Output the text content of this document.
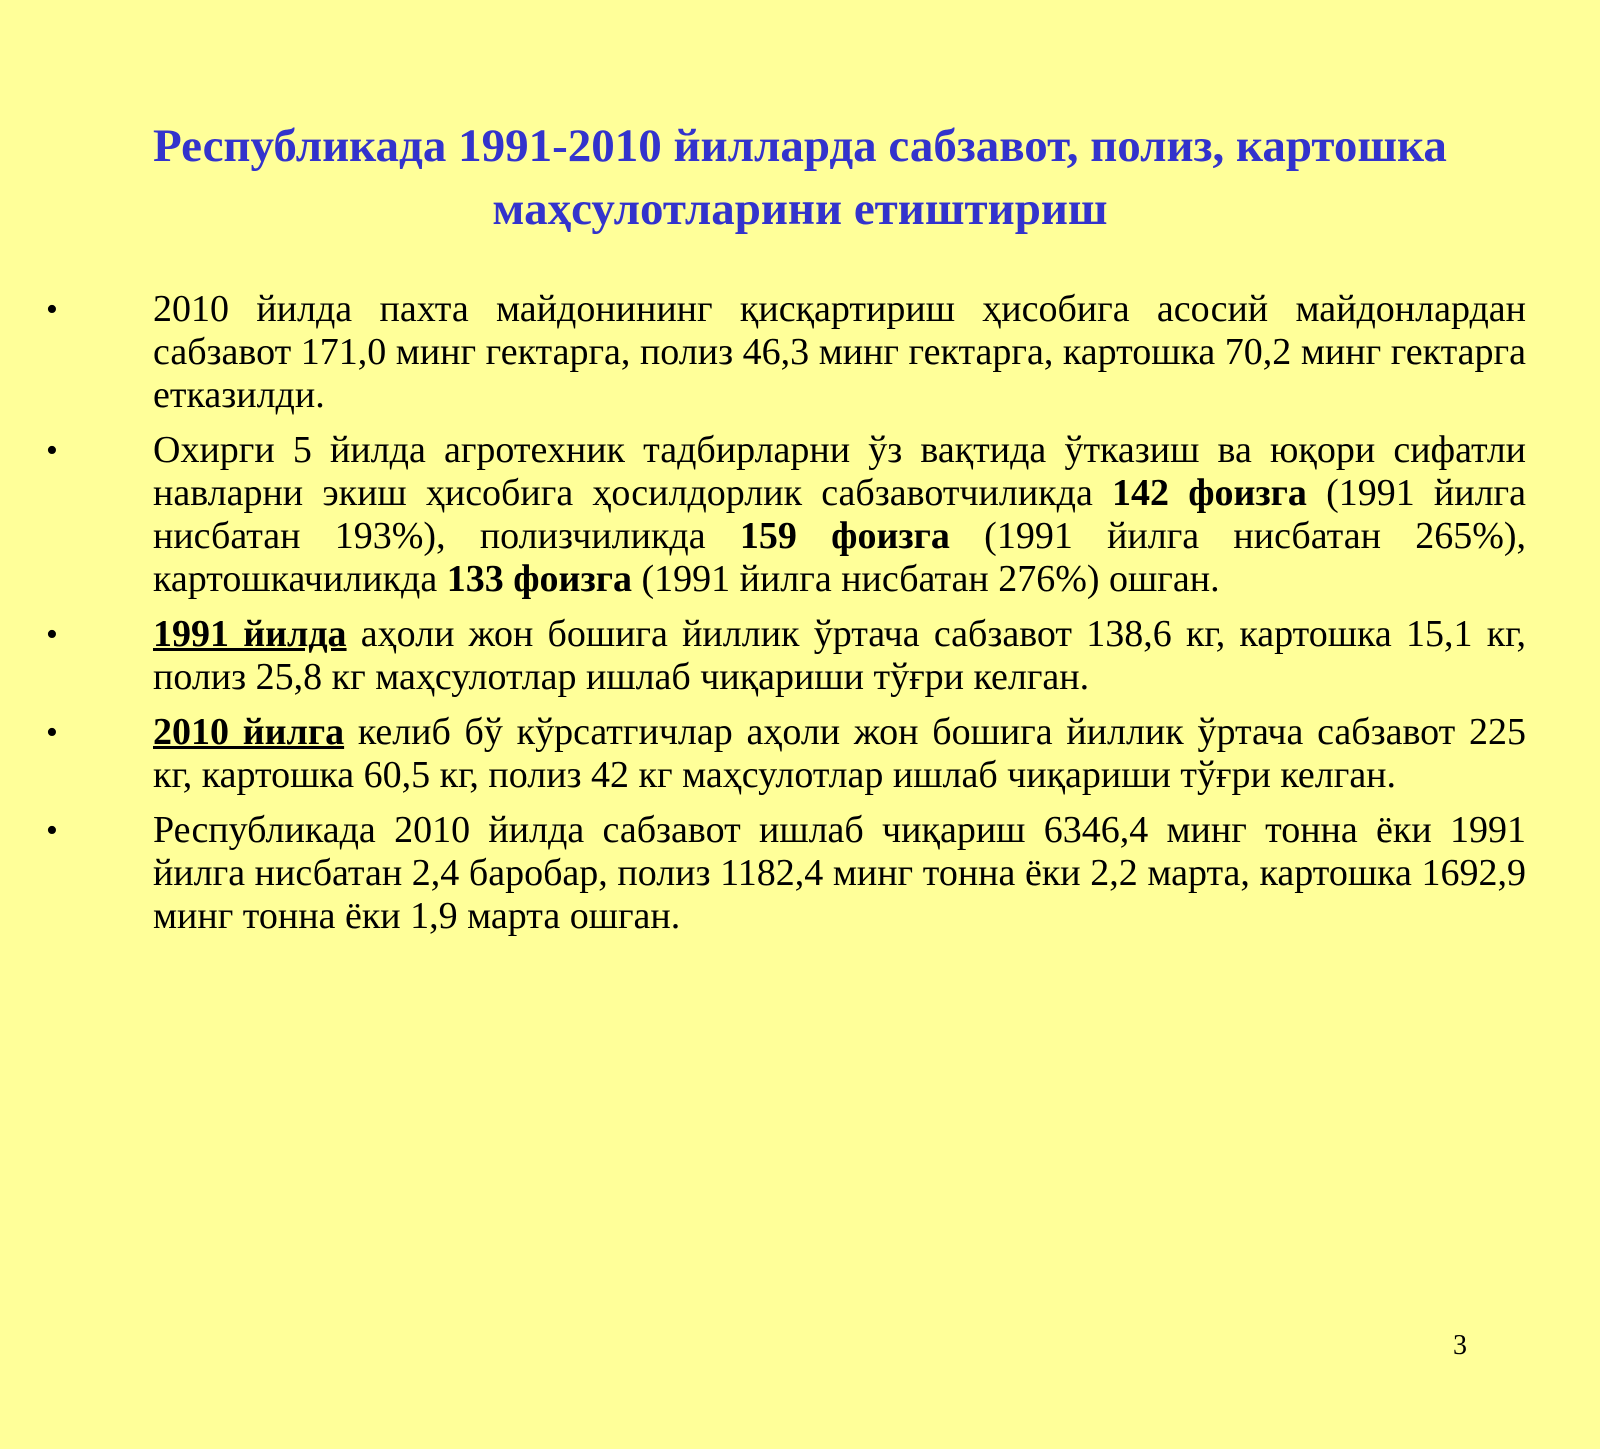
Республикада 1991-2010 йилларда сабзавот, полиз, картошка
маҳсулотларини етиштириш
•	2010 йилда пахта майдонининг қисқартириш ҳисобига асосий майдонлардан сабзавот 171,0 минг гектарга, полиз 46,3 минг гектарга, картошка 70,2 минг гектарга етказилди.
•	Охирги 5 йилда агротехник тадбирларни ўз вақтида ўтказиш ва юқори сифатли навларни экиш ҳисобига ҳосилдорлик сабзавотчиликда 142 фоизга (1991 йилга нисбатан 193%), полизчиликда 159 фоизга (1991 йилга нисбатан 265%), картошкачиликда 133 фоизга (1991 йилга нисбатан 276%) ошган.
•	1991 йилда аҳоли жон бошига йиллик ўртача сабзавот 138,6 кг, картошка 15,1 кг, полиз 25,8 кг маҳсулотлар ишлаб чиқариши тўғри келган.
•	2010 йилга келиб бў кўрсатгичлар аҳоли жон бошига йиллик ўртача сабзавот 225 кг, картошка 60,5 кг, полиз 42 кг маҳсулотлар ишлаб чиқариши тўғри келган.
•	Республикада 2010 йилда сабзавот ишлаб чиқариш 6346,4 минг тонна ёки 1991 йилга нисбатан 2,4 баробар, полиз 1182,4 минг тонна ёки 2,2 марта, картошка 1692,9 минг тонна ёки 1,9 марта ошган.
3
